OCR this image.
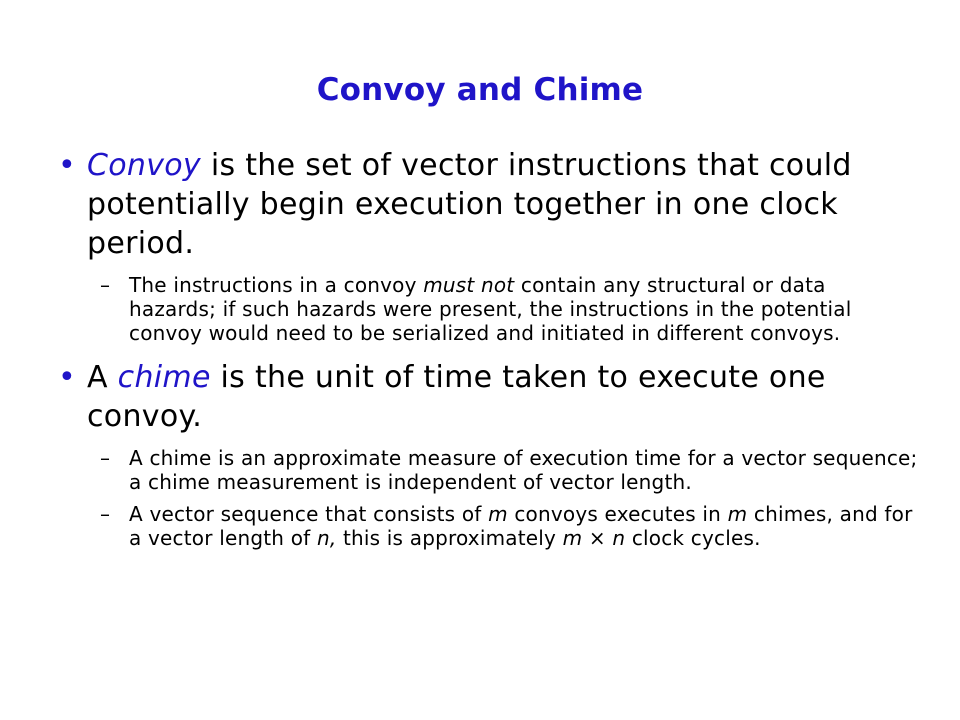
Convoy and Chime
• Convoy is the set of vector instructions that could potentially begin execution together in one clock period.
– The instructions in a convoy must not contain any structural or data hazards; if such hazards were present, the instructions in the potential convoy would need to be serialized and initiated in different convoys.
• A chime is the unit of time taken to execute one convoy.
– A chime is an approximate measure of execution time for a vector sequence; a chime measurement is independent of vector length.
– A vector sequence that consists of m convoys executes in m chimes, and for a vector length of n, this is approximately m × n clock cycles.
